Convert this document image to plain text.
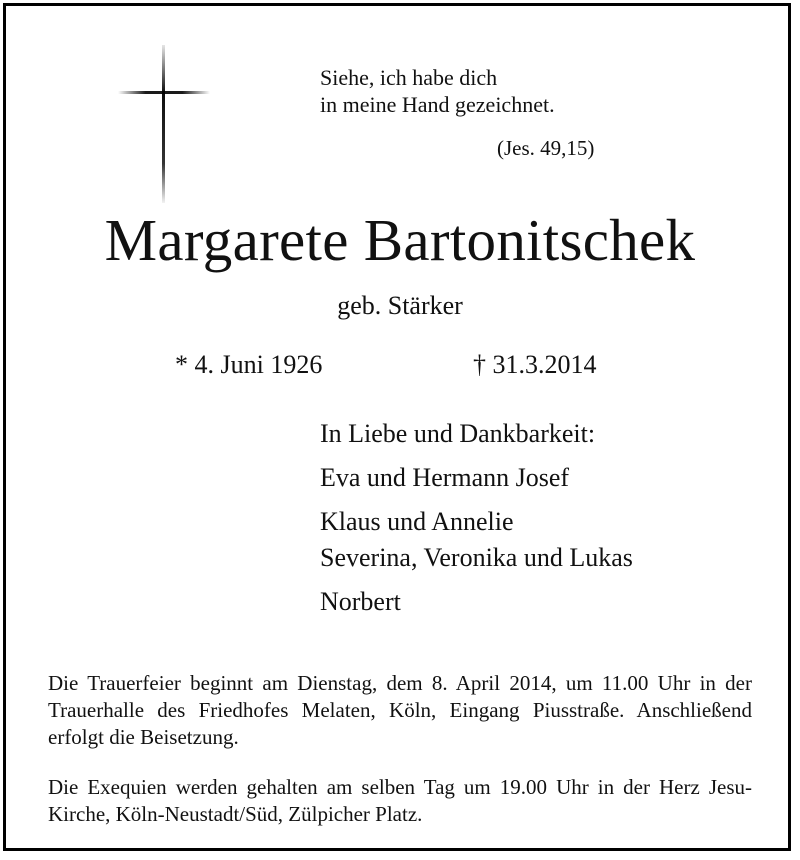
Siehe, ich habe dich
in meine Hand gezeichnet.
(Jes. 49,15)
Margarete Bartonitschek
geb. Stärker
* 4. Juni 1926	† 31.3.2014
In Liebe und Dankbarkeit:
Eva und Hermann Josef
Klaus und Annelie
Severina, Veronika und Lukas
Norbert
Die Trauerfeier beginnt am Dienstag, dem 8. April 2014, um 11.00 Uhr in der Trauerhalle des Friedhofes Melaten, Köln, Eingang Piusstraße. Anschließend erfolgt die Beisetzung.
Die Exequien werden gehalten am selben Tag um 19.00 Uhr in der Herz Jesu- Kirche, Köln-Neustadt/Süd, Zülpicher Platz.
